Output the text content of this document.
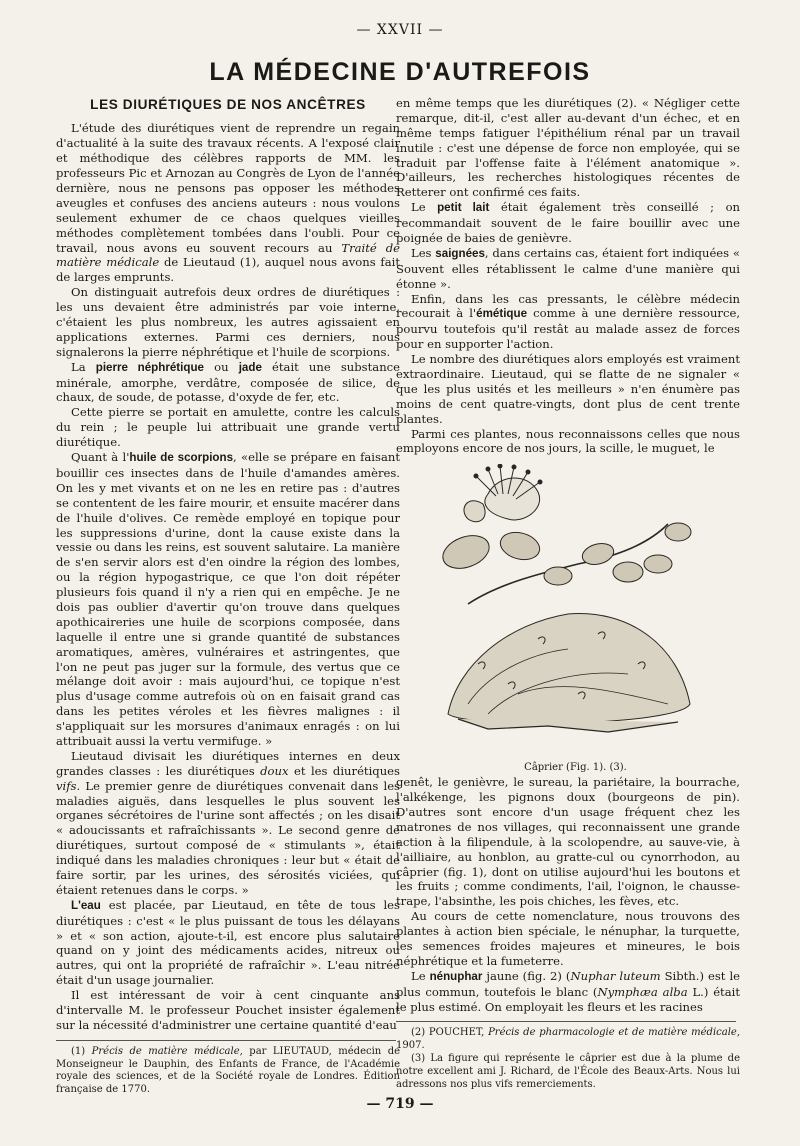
— XXVII —
LA MÉDECINE D'AUTREFOIS
LES DIURÉTIQUES DE NOS ANCÊTRES

L'étude des diurétiques vient de reprendre un regain d'actualité à la suite des travaux récents. A l'exposé clair et méthodique des célèbres rapports de MM. les professeurs Pic et Arnozan au Congrès de Lyon de l'année dernière, nous ne pensons pas opposer les méthodes aveugles et confuses des anciens auteurs : nous voulons seulement exhumer de ce chaos quelques vieilles méthodes complètement tombées dans l'oubli. Pour ce travail, nous avons eu souvent recours au Traité de matière médicale de Lieutaud (1), auquel nous avons fait de larges emprunts.

On distinguait autrefois deux ordres de diurétiques : les uns devaient être administrés par voie interne, c'étaient les plus nombreux, les autres agissaient en applications externes. Parmi ces derniers, nous signalerons la pierre néphrétique et l'huile de scorpions.

La pierre néphrétique ou jade était une substance minérale, amorphe, verdâtre, composée de silice, de chaux, de soude, de potasse, d'oxyde de fer, etc.

Cette pierre se portait en amulette, contre les calculs du rein ; le peuple lui attribuait une grande vertu diurétique.

Quant à l'huile de scorpions, «elle se prépare en faisant bouillir ces insectes dans de l'huile d'amandes amères. On les y met vivants et on ne les en retire pas : d'autres se contentent de les faire mourir, et ensuite macérer dans de l'huile d'olives. Ce remède employé en topique pour les suppressions d'urine, dont la cause existe dans la vessie ou dans les reins, est souvent salutaire. La manière de s'en servir alors est d'en oindre la région des lombes, ou la région hypogastrique, ce que l'on doit répéter plusieurs fois quand il n'y a rien qui en empêche. Je ne dois pas oublier d'avertir qu'on trouve dans quelques apothicaireries une huile de scorpions composée, dans laquelle il entre une si grande quantité de substances aromatiques, amères, vulnéraires et astringentes, que l'on ne peut pas juger sur la formule, des vertus que ce mélange doit avoir : mais aujourd'hui, ce topique n'est plus d'usage comme autrefois où on en faisait grand cas dans les petites véroles et les fièvres malignes : il s'appliquait sur les morsures d'animaux enragés : on lui attribuait aussi la vertu vermifuge. »

Lieutaud divisait les diurétiques internes en deux grandes classes : les diurétiques doux et les diurétiques vifs. Le premier genre de diurétiques convenait dans les maladies aiguës, dans lesquelles le plus souvent les organes sécrétoires de l'urine sont affectés ; on les disait « adoucissants et rafraîchissants ». Le second genre de diurétiques, surtout composé de « stimulants », était indiqué dans les maladies chroniques : leur but « était de faire sortir, par les urines, des sérosités viciées, qui étaient retenues dans le corps. »

L'eau est placée, par Lieutaud, en tête de tous les diurétiques : c'est « le plus puissant de tous les délayans » et « son action, ajoute-t-il, est encore plus salutaire quand on y joint des médicaments acides, nitreux ou autres, qui ont la propriété de rafraîchir ». L'eau nitrée était d'un usage journalier.

Il est intéressant de voir à cent cinquante ans d'intervalle M. le professeur Pouchet insister également sur la nécessité d'administrer une certaine quantité d'eau

(1) Précis de matière médicale, par LIEUTAUD, médecin de Monseigneur le Dauphin, des Enfants de France, de l'Académie royale des sciences, et de la Société royale de Londres. Édition française de 1770.

en même temps que les diurétiques (2). « Négliger cette remarque, dit-il, c'est aller au-devant d'un échec, et en même temps fatiguer l'épithélium rénal par un travail inutile : c'est une dépense de force non employée, qui se traduit par l'offense faite à l'élément anatomique ». D'ailleurs, les recherches histologiques récentes de Retterer ont confirmé ces faits.

Le petit lait était également très conseillé ; on recommandait souvent de le faire bouillir avec une poignée de baies de genièvre.

Les saignées, dans certains cas, étaient fort indiquées « Souvent elles rétablissent le calme d'une manière qui étonne ».

Enfin, dans les cas pressants, le célèbre médecin recourait à l'émétique comme à une dernière ressource, pourvu toutefois qu'il restât au malade assez de forces pour en supporter l'action.

Le nombre des diurétiques alors employés est vraiment extraordinaire. Lieutaud, qui se flatte de ne signaler « que les plus usités et les meilleurs » n'en énumère pas moins de cent quatre-vingts, dont plus de cent trente plantes.

Parmi ces plantes, nous reconnaissons celles que nous employons encore de nos jours, la scille, le muguet, le

Câprier (Fig. 1). (3).

genêt, le genièvre, le sureau, la pariétaire, la bourrache, l'alkékenge, les pignons doux (bourgeons de pin). D'autres sont encore d'un usage fréquent chez les matrones de nos villages, qui reconnaissent une grande action à la filipendule, à la scolopendre, au sauve-vie, à l'ailliaire, au honblon, au gratte-cul ou cynorrhodon, au câprier (fig. 1), dont on utilise aujourd'hui les boutons et les fruits ; comme condiments, l'ail, l'oignon, le chausse-trape, l'absinthe, les pois chiches, les fèves, etc.

Au cours de cette nomenclature, nous trouvons des plantes à action bien spéciale, le nénuphar, la turquette, les semences froides majeures et mineures, le bois néphrétique et la fumeterre.

Le nénuphar jaune (fig. 2) (Nuphar luteum Sibth.) est le plus commun, toutefois le blanc (Nymphæa alba L.) était le plus estimé. On employait les fleurs et les racines

(2) POUCHET, Précis de pharmacologie et de matière médicale, 1907.

(3) La figure qui représente le câprier est due à la plume de notre excellent ami J. Richard, de l'École des Beaux-Arts. Nous lui adressons nos plus vifs remerciements.

— 719 —
